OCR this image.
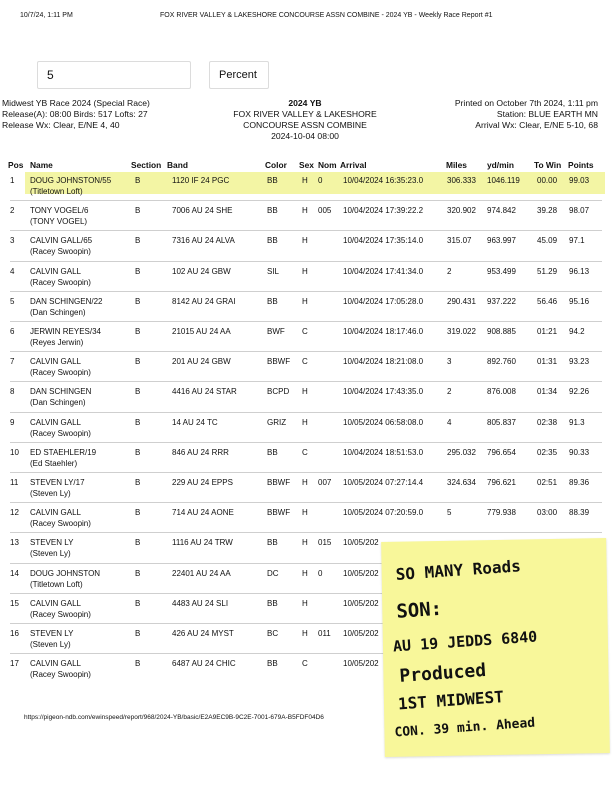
10/7/24, 1:11 PM	FOX RIVER VALLEY & LAKESHORE CONCOURSE ASSN COMBINE - 2024 YB - Weekly Race Report #1
5	Percent
Midwest YB Race 2024 (Special Race)
Release(A): 08:00 Birds: 517 Lofts: 27
Release Wx: Clear, E/NE 4, 40
2024 YB
FOX RIVER VALLEY & LAKESHORE
CONCOURSE ASSN COMBINE
2024-10-04 08:00
Printed on October 7th 2024, 1:11 pm
Station: BLUE EARTH MN
Arrival Wx: Clear, E/NE 5-10, 68
Pos Name	Section Band	Color Sex Nom Arrival	Miles yd/min To Win Points
1 DOUG JOHNSTON/55	B	1120 IF 24 PGC	BB	H 0	10/04/2024 16:35:23.0	306.333 1046.119 00.00 99.03
(Titletown Loft)
2 TONY VOGEL/6	B	7006 AU 24 SHE	BB	H 005 10/04/2024 17:39:22.2	320.902 974.842	39.28 98.07
(TONY VOGEL)
3 CALVIN GALL/65	B	7316 AU 24 ALVA	BB	H	10/04/2024 17:35:14.0	315.07 963.997	45.09 97.1
(Racey Swoopin)
4 CALVIN GALL	B	102 AU 24 GBW	SIL	H	10/04/2024 17:41:34.0	2	953.499	51.29 96.13
(Racey Swoopin)
5 DAN SCHINGEN/22	B	8142 AU 24 GRAI	BB	H	10/04/2024 17:05:28.0	290.431 937.222	56.46 95.16
(Dan Schingen)
6 JERWIN REYES/34	B	21015 AU 24 AA	BWF C	10/04/2024 18:17:46.0	319.022 908.885	01:21 94.2
(Reyes Jerwin)
7 CALVIN GALL	B	201 AU 24 GBW	BBWF C	10/04/2024 18:21:08.0	3	892.760	01:31 93.23
(Racey Swoopin)
8 DAN SCHINGEN	B	4416 AU 24 STAR	BCPD H	10/04/2024 17:43:35.0	2	876.008	01:34 92.26
(Dan Schingen)
9 CALVIN GALL	B	14 AU 24 TC	GRIZ H	10/05/2024 06:58:08.0	4	805.837	02:38 91.3
(Racey Swoopin)
10 ED STAEHLER/19	B	846 AU 24 RRR	BB	C	10/04/2024 18:51:53.0	295.032 796.654	02:35 90.33
(Ed Staehler)
11 STEVEN LY/17	B	229 AU 24 EPPS	BBWF H 007 10/05/2024 07:27:14.4	324.634 796.621	02:51 89.36
(Steven Ly)
12 CALVIN GALL	B	714 AU 24 AONE	BBWF H	10/05/2024 07:20:59.0	5	779.938	03:00 88.39
(Racey Swoopin)
13 STEVEN LY	B	1116 AU 24 TRW	BB	H 015 10/05/202
(Steven Ly)
14 DOUG JOHNSTON	B	22401 AU 24 AA	DC	H 0	10/05/202
(Titletown Loft)
15 CALVIN GALL	B	4483 AU 24 SLI	BB	H	10/05/202
(Racey Swoopin)
16 STEVEN LY	B	426 AU 24 MYST	BC	H 011 10/05/202
(Steven Ly)
17 CALVIN GALL	B	6487 AU 24 CHIC	BB	C	10/05/202
(Racey Swoopin)
https://pigeon-ndb.com/ewinspeed/report/968/2024-YB/basic/E2A9EC9B-9C2E-7001-679A-B5FDF04D6
SO MANY Roads
SON:
AU 19 JEDDS 6840
Produced
1ST MIDWEST
CON. 39 min. Ahead
